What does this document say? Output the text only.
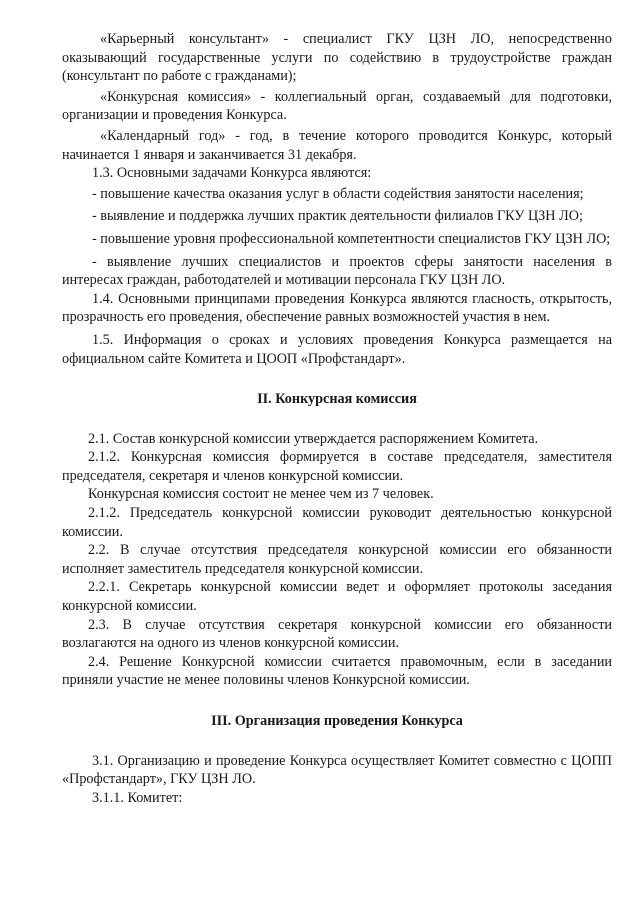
«Карьерный консультант» - специалист ГКУ ЦЗН ЛО, непосредственно оказывающий государственные услуги по содействию в трудоустройстве граждан (консультант по работе с гражданами);

«Конкурсная комиссия» - коллегиальный орган, создаваемый для подготовки, организации и проведения Конкурса.

«Календарный год» - год, в течение которого проводится Конкурс, который начинается 1 января и заканчивается 31 декабря.

1.3. Основными задачами Конкурса являются:

- повышение качества оказания услуг в области содействия занятости населения;

- выявление и поддержка лучших практик деятельности филиалов ГКУ ЦЗН ЛО;

- повышение уровня профессиональной компетентности специалистов ГКУ ЦЗН ЛО;

- выявление лучших специалистов и проектов сферы занятости населения в интересах граждан, работодателей и мотивации персонала ГКУ ЦЗН ЛО.

1.4. Основными принципами проведения Конкурса являются гласность, открытость, прозрачность его проведения, обеспечение равных возможностей участия в нем.

1.5. Информация о сроках и условиях проведения Конкурса размещается на официальном сайте Комитета и ЦООП «Профстандарт».

II. Конкурсная комиссия

2.1. Состав конкурсной комиссии утверждается распоряжением Комитета.

2.1.2. Конкурсная комиссия формируется в составе председателя, заместителя председателя, секретаря и членов конкурсной комиссии.

Конкурсная комиссия состоит не менее чем из 7 человек.

2.1.2. Председатель конкурсной комиссии руководит деятельностью конкурсной комиссии.

2.2. В случае отсутствия председателя конкурсной комиссии его обязанности исполняет заместитель председателя конкурсной комиссии.

2.2.1. Секретарь конкурсной комиссии ведет и оформляет протоколы заседания конкурсной комиссии.

2.3. В случае отсутствия секретаря конкурсной комиссии его обязанности возлагаются на одного из членов конкурсной комиссии.

2.4. Решение Конкурсной комиссии считается правомочным, если в заседании приняли участие не менее половины членов Конкурсной комиссии.

III. Организация проведения Конкурса

3.1. Организацию и проведение Конкурса осуществляет Комитет совместно с ЦОПП «Профстандарт», ГКУ ЦЗН ЛО.

3.1.1. Комитет:
